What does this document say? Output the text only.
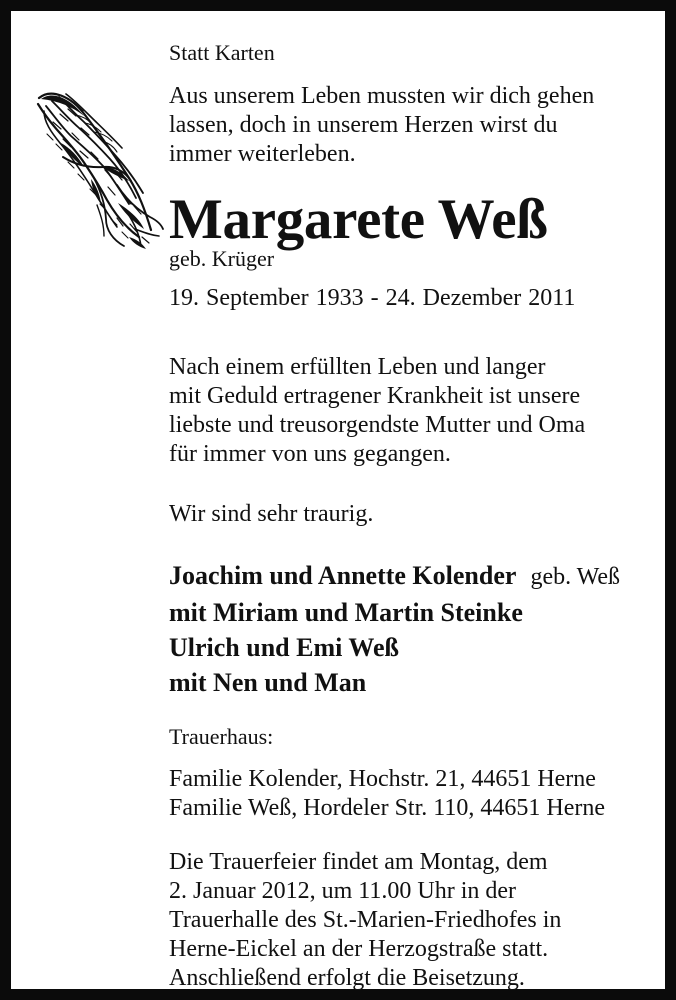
Statt Karten
Aus unserem Leben mussten wir dich gehen
lassen, doch in unserem Herzen wirst du
immer weiterleben.
Margarete Weß
geb. Krüger
19. September 1933 - 24. Dezember 2011
Nach einem erfüllten Leben und langer
mit Geduld ertragener Krankheit ist unsere
liebste und treusorgendste Mutter und Oma
für immer von uns gegangen.
Wir sind sehr traurig.
Joachim und Annette Kolender geb. Weß
mit Miriam und Martin Steinke
Ulrich und Emi Weß
mit Nen und Man
Trauerhaus:
Familie Kolender, Hochstr. 21, 44651 Herne
Familie Weß, Hordeler Str. 110, 44651 Herne
Die Trauerfeier findet am Montag, dem
2. Januar 2012, um 11.00 Uhr in der
Trauerhalle des St.-Marien-Friedhofes in
Herne-Eickel an der Herzogstraße statt.
Anschließend erfolgt die Beisetzung.
